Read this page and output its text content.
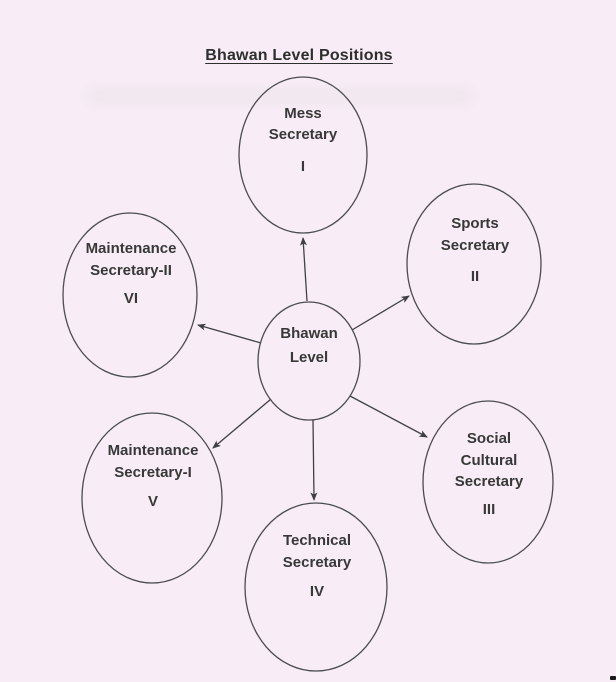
Bhawan Level Positions
Bhawan
Level
Mess
Secretary
I
Sports
Secretary
II
Maintenance
Secretary-II
VI
Social
Cultural
Secretary
III
Maintenance
Secretary-I
V
Technical
Secretary
IV
